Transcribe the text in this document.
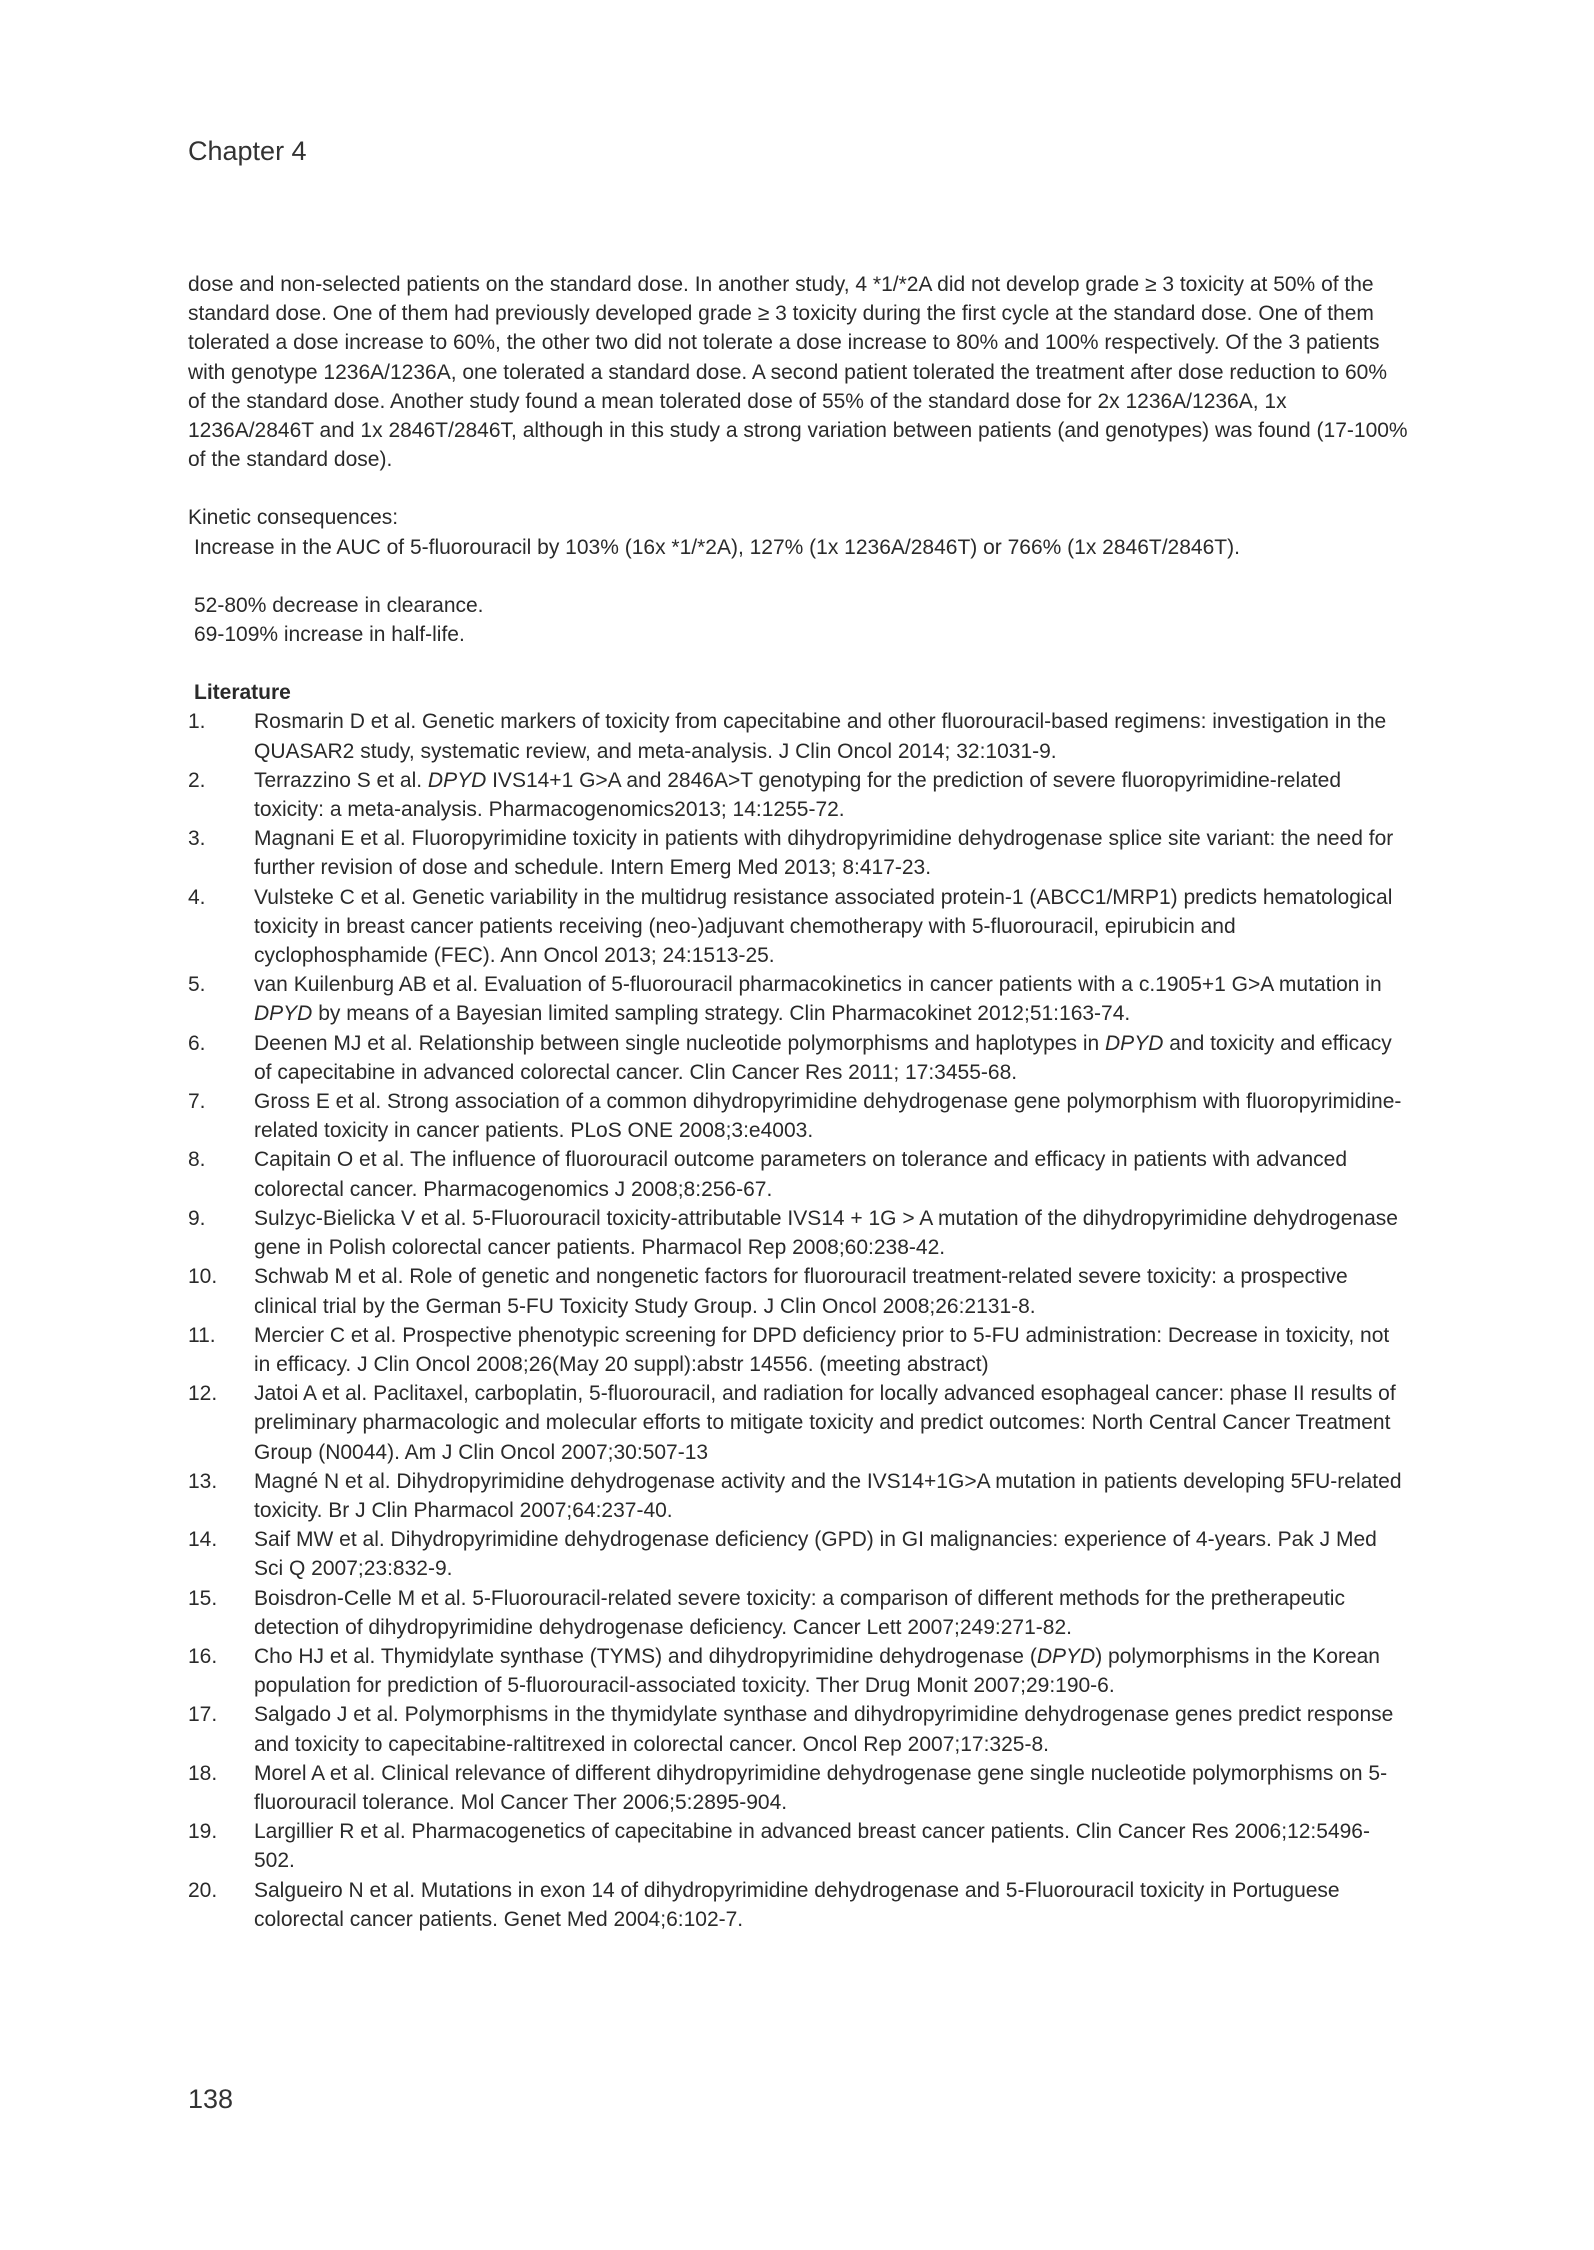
Chapter 4

dose and non-selected patients on the standard dose. In another study, 4 *1/*2A did not develop grade ≥ 3 toxicity at 50% of the standard dose. One of them had previously developed grade ≥ 3 toxicity during the first cycle at the standard dose. One of them tolerated a dose increase to 60%, the other two did not tolerate a dose increase to 80% and 100% respectively. Of the 3 patients with genotype 1236A/1236A, one tolerated a standard dose. A second patient tolerated the treatment after dose reduction to 60% of the standard dose. Another study found a mean tolerated dose of 55% of the standard dose for 2x 1236A/1236A, 1x 1236A/2846T and 1x 2846T/2846T, although in this study a strong variation between patients (and genotypes) was found (17-100% of the standard dose).

Kinetic consequences:

Increase in the AUC of 5-fluorouracil by 103% (16x *1/*2A), 127% (1x 1236A/2846T) or 766% (1x 2846T/2846T).

52-80% decrease in clearance.

69-109% increase in half-life.

Literature

1.	Rosmarin D et al. Genetic markers of toxicity from capecitabine and other fluorouracil-based regimens: investigation in the QUASAR2 study, systematic review, and meta-analysis. J Clin Oncol 2014; 32:1031-9.
2.	Terrazzino S et al. DPYD IVS14+1 G>A and 2846A>T genotyping for the prediction of severe fluoropyrimidine-related toxicity: a meta-analysis. Pharmacogenomics2013; 14:1255-72.
3.	Magnani E et al. Fluoropyrimidine toxicity in patients with dihydropyrimidine dehydrogenase splice site variant: the need for further revision of dose and schedule. Intern Emerg Med 2013; 8:417-23.
4.	Vulsteke C et al. Genetic variability in the multidrug resistance associated protein-1 (ABCC1/MRP1) predicts hematological toxicity in breast cancer patients receiving (neo-)adjuvant chemotherapy with 5-fluorouracil, epirubicin and cyclophosphamide (FEC). Ann Oncol 2013; 24:1513-25.
5.	van Kuilenburg AB et al. Evaluation of 5-fluorouracil pharmacokinetics in cancer patients with a c.1905+1 G>A mutation in DPYD by means of a Bayesian limited sampling strategy. Clin Pharmacokinet 2012;51:163-74.
6.	Deenen MJ et al. Relationship between single nucleotide polymorphisms and haplotypes in DPYD and toxicity and efficacy of capecitabine in advanced colorectal cancer. Clin Cancer Res 2011; 17:3455-68.
7.	Gross E et al. Strong association of a common dihydropyrimidine dehydrogenase gene polymorphism with fluoropyrimidine-related toxicity in cancer patients. PLoS ONE 2008;3:e4003.
8.	Capitain O et al. The influence of fluorouracil outcome parameters on tolerance and efficacy in patients with advanced colorectal cancer. Pharmacogenomics J 2008;8:256-67.
9.	Sulzyc-Bielicka V et al. 5-Fluorouracil toxicity-attributable IVS14 + 1G > A mutation of the dihydropyrimidine dehydrogenase gene in Polish colorectal cancer patients. Pharmacol Rep 2008;60:238-42.
10.	Schwab M et al. Role of genetic and nongenetic factors for fluorouracil treatment-related severe toxicity: a prospective clinical trial by the German 5-FU Toxicity Study Group. J Clin Oncol 2008;26:2131-8.
11.	Mercier C et al. Prospective phenotypic screening for DPD deficiency prior to 5-FU administration: Decrease in toxicity, not in efficacy. J Clin Oncol 2008;26(May 20 suppl):abstr 14556. (meeting abstract)
12.	Jatoi A et al. Paclitaxel, carboplatin, 5-fluorouracil, and radiation for locally advanced esophageal cancer: phase II results of preliminary pharmacologic and molecular efforts to mitigate toxicity and predict outcomes: North Central Cancer Treatment Group (N0044). Am J Clin Oncol 2007;30:507-13
13.	Magné N et al. Dihydropyrimidine dehydrogenase activity and the IVS14+1G>A mutation in patients developing 5FU-related toxicity. Br J Clin Pharmacol 2007;64:237-40.
14.	Saif MW et al. Dihydropyrimidine dehydrogenase deficiency (GPD) in GI malignancies: experience of 4-years. Pak J Med Sci Q 2007;23:832-9.
15.	Boisdron-Celle M et al. 5-Fluorouracil-related severe toxicity: a comparison of different methods for the pretherapeutic detection of dihydropyrimidine dehydrogenase deficiency. Cancer Lett 2007;249:271-82.
16.	Cho HJ et al. Thymidylate synthase (TYMS) and dihydropyrimidine dehydrogenase (DPYD) polymorphisms in the Korean population for prediction of 5-fluorouracil-associated toxicity. Ther Drug Monit 2007;29:190-6.
17.	Salgado J et al. Polymorphisms in the thymidylate synthase and dihydropyrimidine dehydrogenase genes predict response and toxicity to capecitabine-raltitrexed in colorectal cancer. Oncol Rep 2007;17:325-8.
18.	Morel A et al. Clinical relevance of different dihydropyrimidine dehydrogenase gene single nucleotide polymorphisms on 5-fluorouracil tolerance. Mol Cancer Ther 2006;5:2895-904.
19.	Largillier R et al. Pharmacogenetics of capecitabine in advanced breast cancer patients. Clin Cancer Res 2006;12:5496-502.
20.	Salgueiro N et al. Mutations in exon 14 of dihydropyrimidine dehydrogenase and 5-Fluorouracil toxicity in Portuguese colorectal cancer patients. Genet Med 2004;6:102-7.
138
